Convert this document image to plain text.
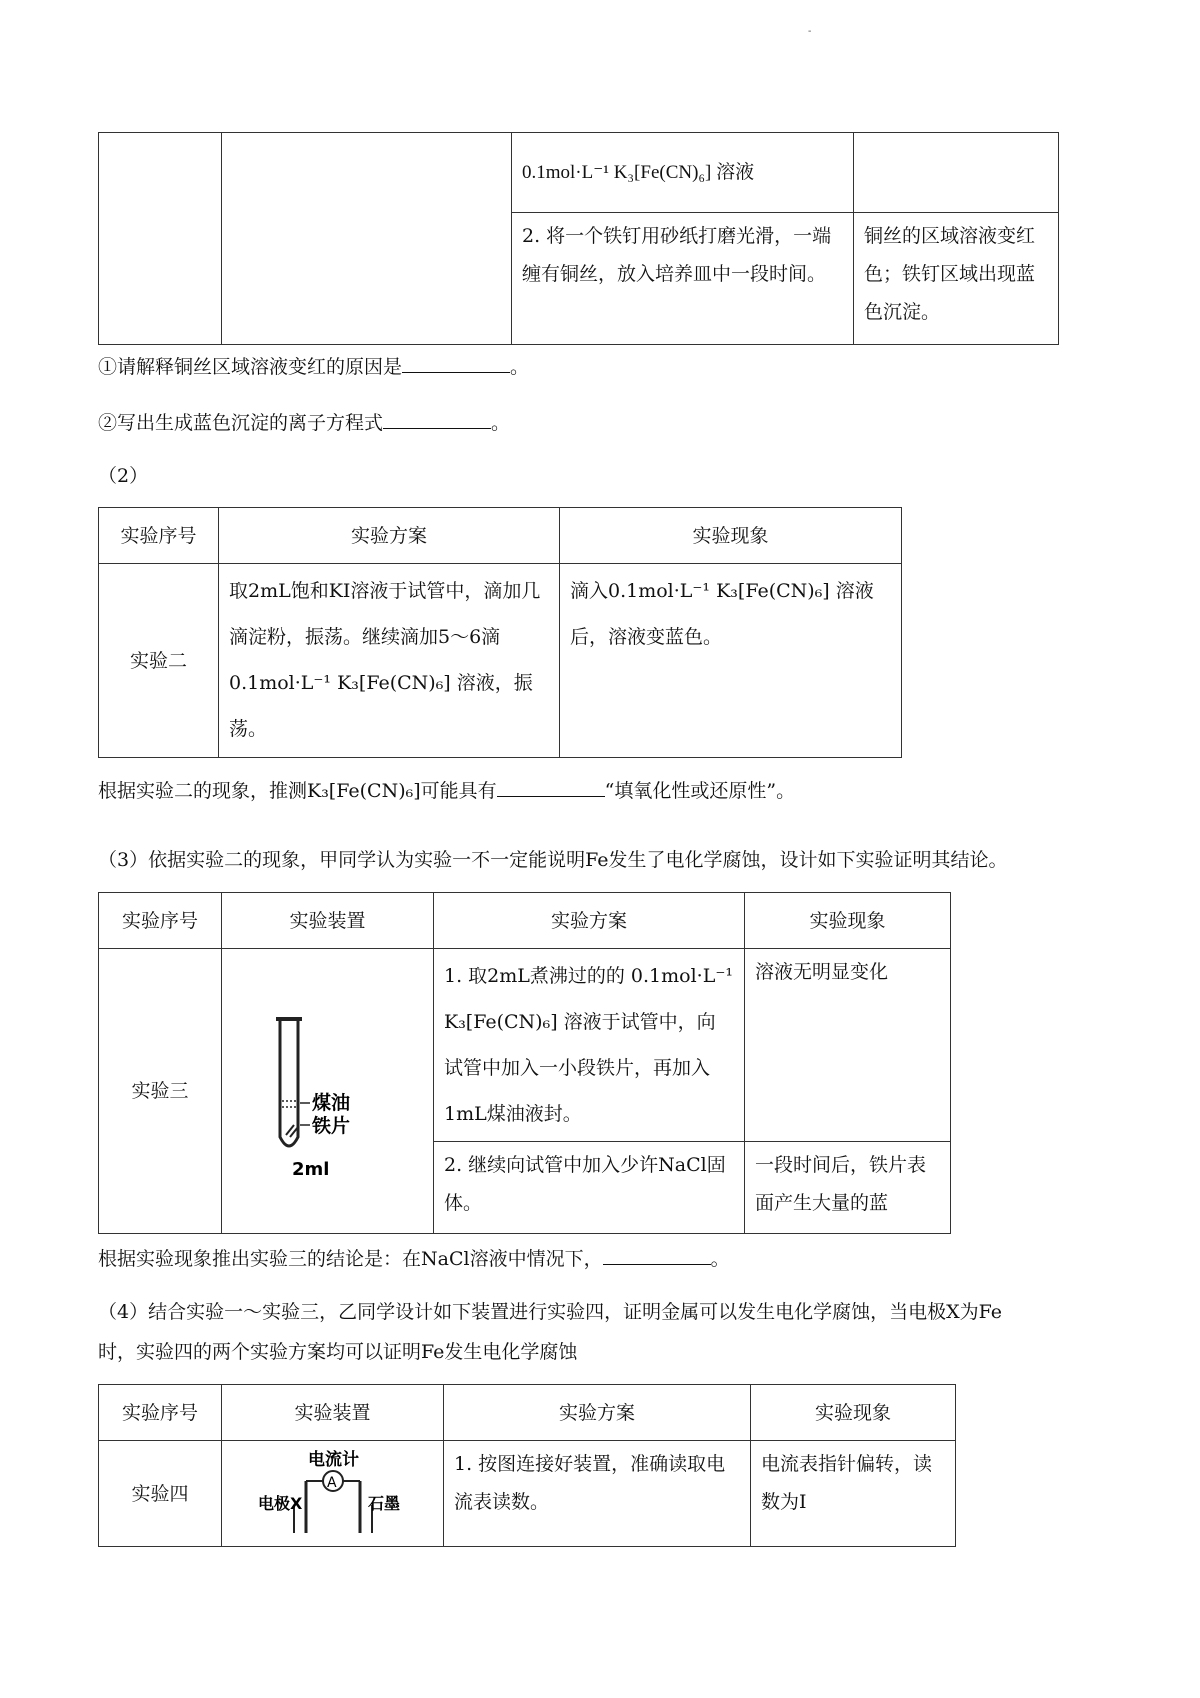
-
		0.1mol·L⁻¹ K₃[Fe(CN)₆] 溶液	
		2. 将一个铁钉用砂纸打磨光滑，一端缠有铜丝，放入培养皿中一段时间。	铜丝的区域溶液变红色；铁钉区域出现蓝色沉淀。
①请解释铜丝区域溶液变红的原因是	。
②写出生成蓝色沉淀的离子方程式	。
（2）
实验序号	实验方案	实验现象
实验二	取2mL饱和KI溶液于试管中，滴加几滴淀粉，振荡。继续滴加5～6滴 0.1mol·L⁻¹ K₃[Fe(CN)₆] 溶液，振荡。	滴入0.1mol·L⁻¹ K₃[Fe(CN)₆] 溶液后，溶液变蓝色。
根据实验二的现象，推测K₃[Fe(CN)₆]可能具有	“填氧化性或还原性”。
（3）依据实验二的现象，甲同学认为实验一不一定能说明Fe发生了电化学腐蚀，设计如下实验证明其结论。
实验序号	实验装置	实验方案	实验现象
实验三	煤油
铁片
2ml	1. 取2mL煮沸过的的 0.1mol·L⁻¹ K₃[Fe(CN)₆] 溶液于试管中，向试管中加入一小段铁片，再加入1mL煤油液封。	溶液无明显变化
		2. 继续向试管中加入少许NaCl固体。	一段时间后，铁片表面产生大量的蓝
根据实验现象推出实验三的结论是：在NaCl溶液中情况下，	。
（4）结合实验一～实验三，乙同学设计如下装置进行实验四，证明金属可以发生电化学腐蚀，当电极X为Fe
时，实验四的两个实验方案均可以证明Fe发生电化学腐蚀
实验序号	实验装置	实验方案	实验现象
实验四	电流计
A
电极X 石墨	1. 按图连接好装置，准确读取电流表读数。	电流表指针偏转，读数为I
